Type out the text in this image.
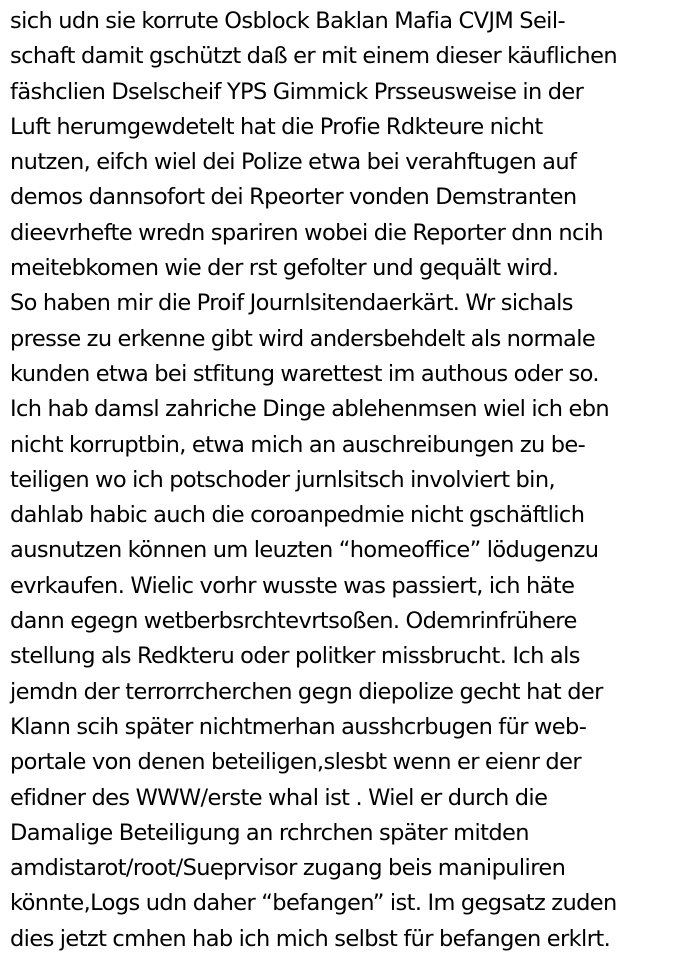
sich udn sie korrute Osblock Baklan Mafia CVJM Seil-
schaft damit gschützt daß er mit einem dieser käuflichen
fäshclien Dselscheif YPS Gimmick Prsseusweise in der
Luft herumgewdetelt hat die Profie Rdkteure nicht
nutzen, eifch wiel dei Polize etwa bei verahftugen auf
demos dannsofort dei Rpeorter vonden Demstranten
dieevrhefte wredn spariren wobei die Reporter dnn ncih
meitebkomen wie der rst gefolter und gequält wird.
So haben mir die Proif Journlsitendaerkärt. Wr sichals
presse zu erkenne gibt wird andersbehdelt als normale
kunden etwa bei stfitung warettest im authous oder so.
Ich hab damsl zahriche Dinge ablehenmsen wiel ich ebn
nicht korruptbin, etwa mich an auschreibungen zu be-
teiligen wo ich potschoder jurnlsitsch involviert bin,
dahlab habic auch die coroanpedmie nicht gschäftlich
ausnutzen können um leuzten “homeoffice” lödugenzu
evrkaufen. Wielic vorhr wusste was passiert, ich häte
dann egegn wetberbsrchtevrtsoßen. Odemrinfrühere
stellung als Redkteru oder politker missbrucht. Ich als
jemdn der terrorrcherchen gegn diepolize gecht hat der
Klann scih später nichtmerhan ausshcrbugen für web-
portale von denen beteiligen,slesbt wenn er eienr der
efidner des WWW/erste whal ist . Wiel er durch die
Damalige Beteiligung an rchrchen später mitden
amdistarot/root/Sueprvisor zugang beis manipuliren
könnte,Logs udn daher “befangen” ist. Im gegsatz zuden
dies jetzt cmhen hab ich mich selbst für befangen erklrt.
